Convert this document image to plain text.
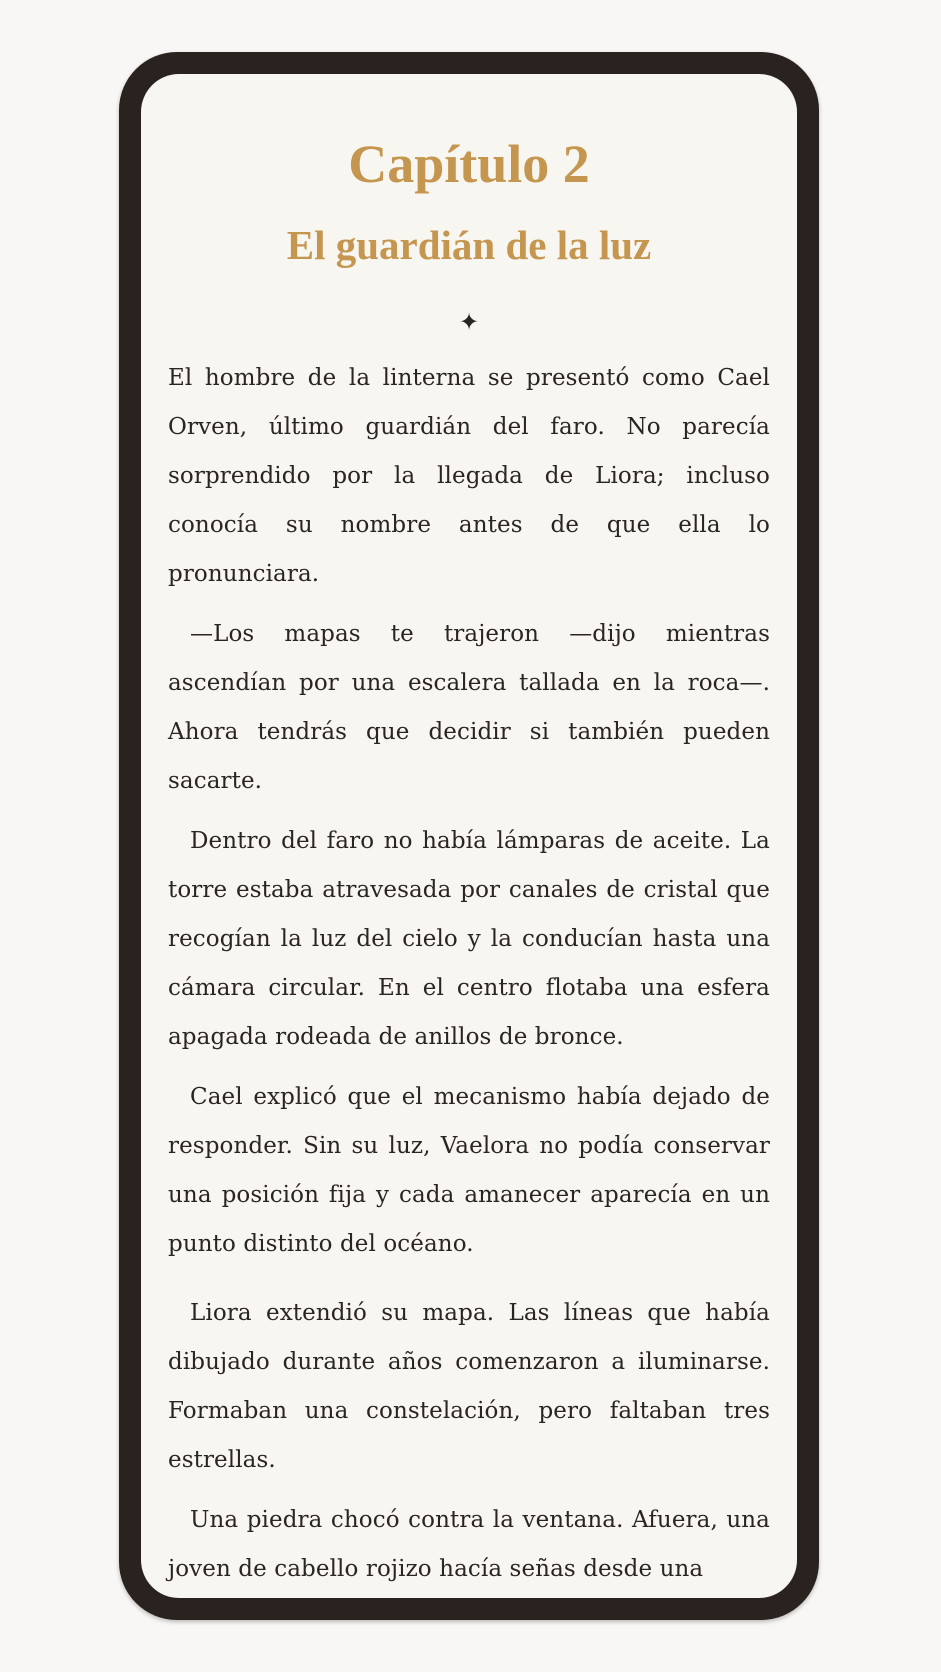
Capítulo 2
El guardián de la luz
✦

El hombre de la linterna se presentó como Cael Orven, último guardián del faro. No parecía sorprendido por la llegada de Liora; incluso conocía su nombre antes de que ella lo pronunciara.

—Los mapas te trajeron —dijo mientras ascendían por una escalera tallada en la roca—. Ahora tendrás que decidir si también pueden sacarte.

Dentro del faro no había lámparas de aceite. La torre estaba atravesada por canales de cristal que recogían la luz del cielo y la conducían hasta una cámara circular. En el centro flotaba una esfera apagada rodeada de anillos de bronce.

Cael explicó que el mecanismo había dejado de responder. Sin su luz, Vaelora no podía conservar una posición fija y cada amanecer aparecía en un punto distinto del océano.

Liora extendió su mapa. Las líneas que había dibujado durante años comenzaron a iluminarse. Formaban una constelación, pero faltaban tres estrellas.

Una piedra chocó contra la ventana. Afuera, una joven de cabello rojizo hacía señas desde una
